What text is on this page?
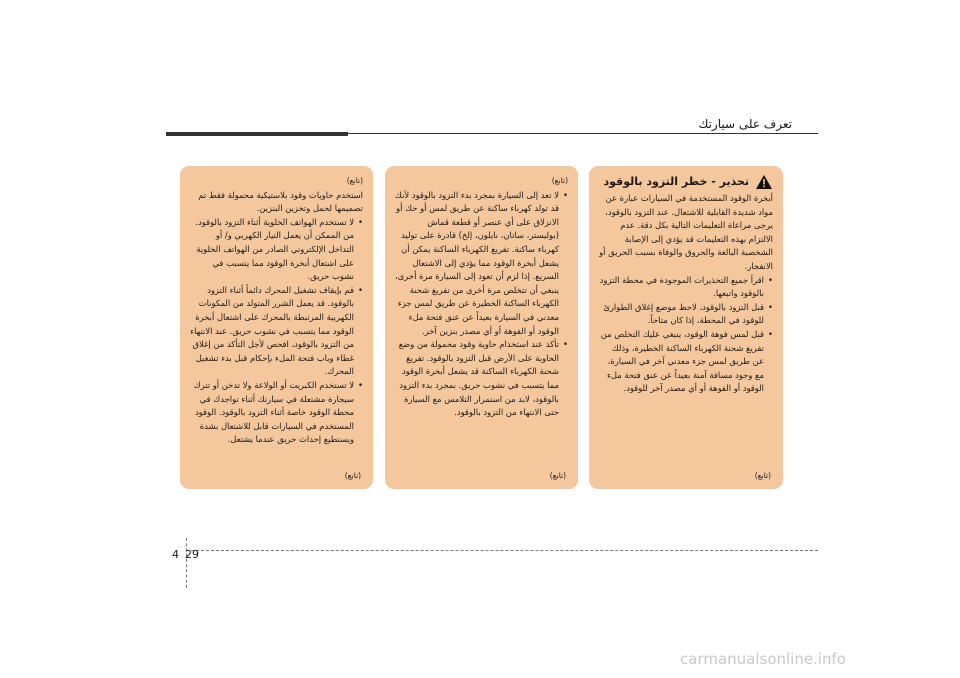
تعرف على سيارتك
تحذير - خطر التزود بالوقود

أبخرة الوقود المستخدمة في السيارات عبارة عن مواد شديدة القابلية للاشتعال. عند التزود بالوقود، يرجى مراعاة التعليمات التالية بكل دقة. عدم الالتزام بهذه التعليمات قد يؤدي إلى الإصابة الشخصية البالغة والحروق والوفاة بسبب الحريق أو الانفجار.

• اقرأ جميع التحذيرات الموجودة في محطة التزود بالوقود واتبعها.
• قبل التزود بالوقود، لاحظ موضع إغلاق الطوارئ للوقود في المحطة، إذا كان متاحاً.
• قبل لمس فوهة الوقود، ينبغي عليك التخلص من تفريغ شحنة الكهرباء الساكنة الخطيرة، وذلك عن طريق لمس جزء معدني آخر في السيارة، مع وجود مسافة آمنة بعيداً عن عنق فتحة ملء الوقود أو الفوهة أو أي مصدر آخر للوقود.
(تابع)
(تابع)
• لا تعد إلى السيارة بمجرد بدء التزود بالوقود لأنك قد تولد كهرباء ساكنة عن طريق لمس أو حك أو الانزلاق على أي عنصر أو قطعة قماش (بوليستر، ساتان، نايلون، إلخ) قادرة على توليد كهرباء ساكنة. تفريغ الكهرباء الساكنة يمكن أن يشعل أبخرة الوقود مما يؤدي إلى الاشتعال السريع. إذا لزم أن تعود إلى السيارة مرة أخرى، ينبغي أن تتخلص مرة أخرى من تفريغ شحنة الكهرباء الساكنة الخطيرة عن طريق لمس جزء معدني في السيارة بعيداً عن عنق فتحة ملء الوقود أو الفوهة أو أي مصدر بنزين آخر.
• تأكد عند استخدام حاوية وقود محمولة من وضع الحاوية على الأرض قبل التزود بالوقود. تفريغ شحنة الكهرباء الساكنة قد يشعل أبخرة الوقود مما يتسبب في نشوب حريق. بمجرد بدء التزود بالوقود، لابد من استمرار التلامس مع السيارة حتى الانتهاء من التزود بالوقود.
(تابع)
(تابع)

استخدم حاويات وقود بلاستيكية محمولة فقط تم تصميمها لحمل وتخزين البنزين.

• لا تستخدم الهواتف الخلوية أثناء التزود بالوقود. من الممكن أن يعمل التيار الكهربي و/ أو التداخل الإلكتروني الصادر من الهواتف الخلوية على اشتعال أبخرة الوقود مما يتسبب في نشوب حريق.
• قم بإيقاف تشغيل المحرك دائماً أثناء التزود بالوقود. قد يعمل الشرر المتولد من المكونات الكهربية المرتبطة بالمحرك على اشتعال أبخرة الوقود مما يتسبب في نشوب حريق. عند الانتهاء من التزود بالوقود، افحص لأجل التأكد من إغلاق غطاء وباب فتحة الملء بإحكام قبل بدء تشغيل المحرك.
• لا تستخدم الكبريت أو الولاعة ولا تدخن أو تترك سيجارة مشتعلة في سيارتك أثناء تواجدك في محطة الوقود خاصة أثناء التزود بالوقود. الوقود المستخدم في السيارات قابل للاشتعال بشدة ويستطيع إحداث حريق عندما يشتعل.
(تابع)
4 29
carmanualsonline.info
